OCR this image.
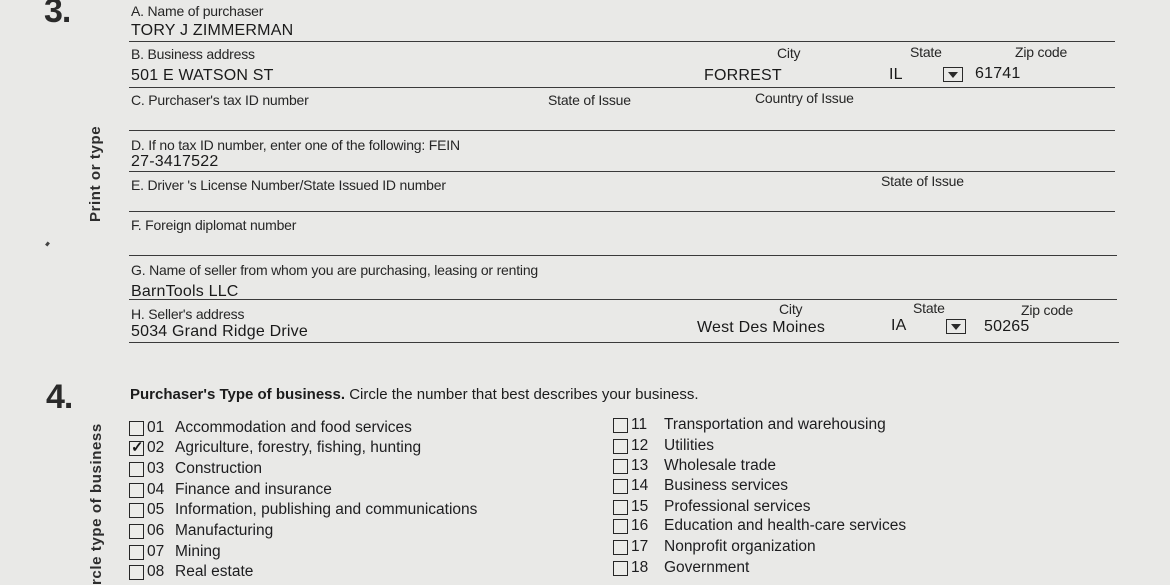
3.
Print or type
A. Name of purchaser
TORY J ZIMMERMAN
B. Business address	City	State	Zip code
501 E WATSON ST	FORREST	IL	61741
C. Purchaser's tax ID number	State of Issue	Country of Issue
D. If no tax ID number, enter one of the following: FEIN
27-3417522
E. Driver 's License Number/State Issued ID number	State of Issue
F. Foreign diplomat number
G. Name of seller from whom you are purchasing, leasing or renting
BarnTools LLC
H. Seller's address	City	State	Zip code
5034 Grand Ridge Drive	West Des Moines	IA	50265
4.
rcle type of business
Purchaser's Type of business. Circle the number that best describes your business.
01 Accommodation and food services
✓
02 Agriculture, forestry, fishing, hunting
03 Construction
04 Finance and insurance
05 Information, publishing and communications
06 Manufacturing
07 Mining
08 Real estate
11	Transportation and warehousing
12	Utilities
13	Wholesale trade
14	Business services
15	Professional services
16	Education and health-care services
17	Nonprofit organization
18	Government
